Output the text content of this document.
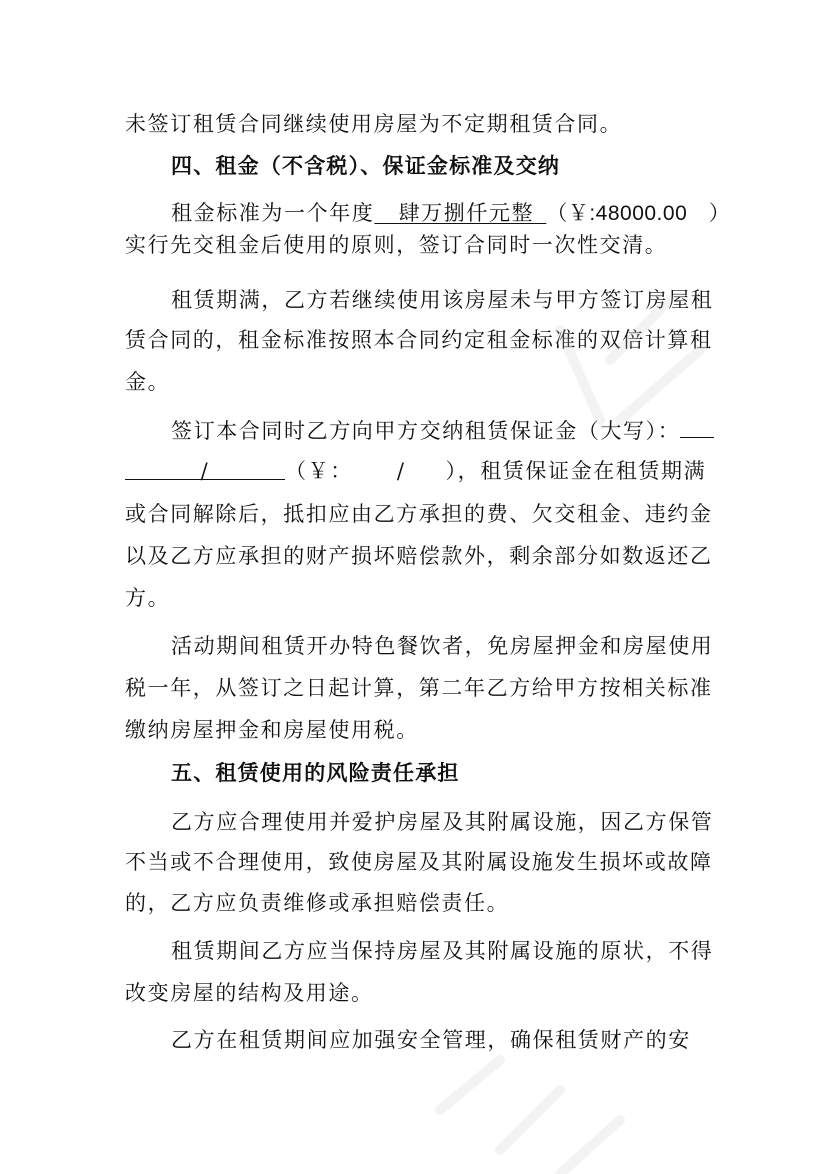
未签订租赁合同继续使用房屋为不定期租赁合同。
四、租金（不含税）、保证金标准及交纳
租金标准为一个年度   肆万捌仟元整  （￥:48000.00　）
实行先交租金后使用的原则，签订合同时一次性交清。
租赁期满，乙方若继续使用该房屋未与甲方签订房屋租
赁合同的，租金标准按照本合同约定租金标准的双倍计算租
金。
签订本合同时乙方向甲方交纳租赁保证金（大写）：
/	（￥： / ），租赁保证金在租赁期满
或合同解除后，抵扣应由乙方承担的费、欠交租金、违约金
以及乙方应承担的财产损坏赔偿款外，剩余部分如数返还乙
方。
活动期间租赁开办特色餐饮者，免房屋押金和房屋使用
税一年，从签订之日起计算，第二年乙方给甲方按相关标准
缴纳房屋押金和房屋使用税。
五、租赁使用的风险责任承担
乙方应合理使用并爱护房屋及其附属设施，因乙方保管
不当或不合理使用，致使房屋及其附属设施发生损坏或故障
的，乙方应负责维修或承担赔偿责任。
租赁期间乙方应当保持房屋及其附属设施的原状，不得
改变房屋的结构及用途。
乙方在租赁期间应加强安全管理，确保租赁财产的安
